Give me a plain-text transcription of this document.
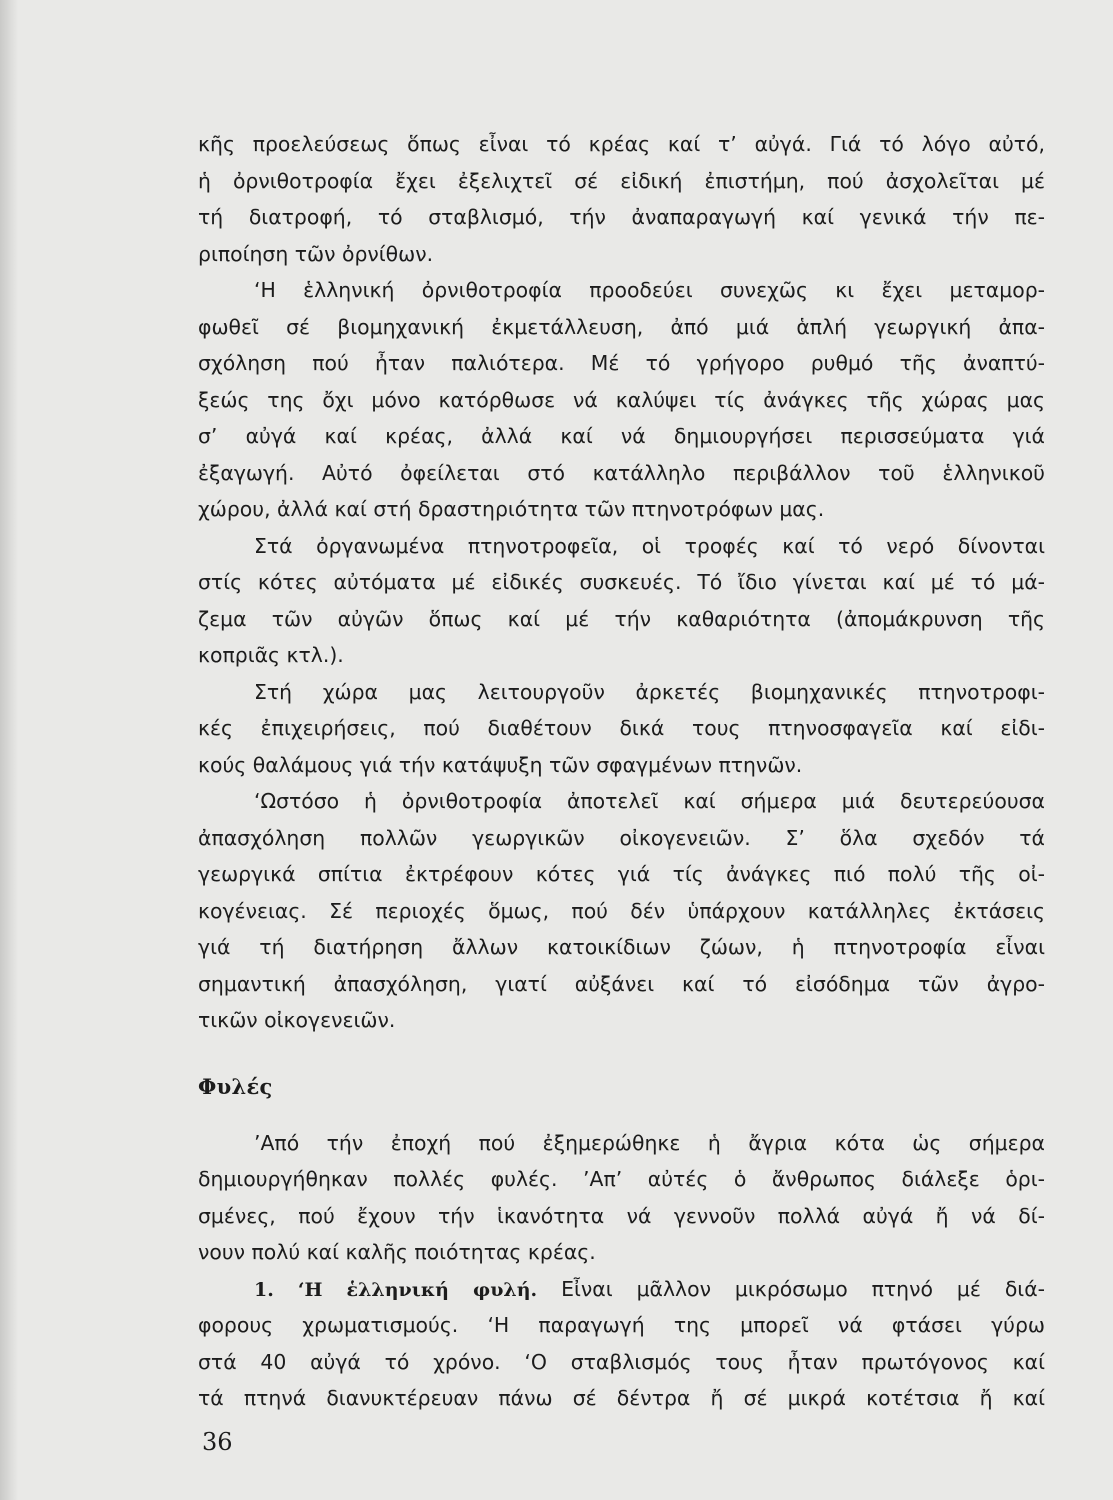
κῆς προελεύσεως ὅπως εἶναι τό κρέας καί τ’ αὐγά. Γιά τό λόγο αὐτό,
ἡ ὀρνιθοτροφία ἔχει ἐξελιχτεῖ σέ εἰδική ἐπιστήμη, πού ἀσχολεῖται μέ
τή διατροφή, τό σταβλισμό, τήν ἀναπαραγωγή καί γενικά τήν πε-
ριποίηση τῶν ὀρνίθων.
‘Η ἑλληνική ὀρνιθοτροφία προοδεύει συνεχῶς κι ἔχει μεταμορ-
φωθεῖ σέ βιομηχανική ἐκμετάλλευση, ἀπό μιά ἁπλή γεωργική ἀπα-
σχόληση πού ἦταν παλιότερα. Μέ τό γρήγορο ρυθμό τῆς ἀναπτύ-
ξεώς της ὄχι μόνο κατόρθωσε νά καλύψει τίς ἀνάγκες τῆς χώρας μας
σ’ αὐγά καί κρέας, ἀλλά καί νά δημιουργήσει περισσεύματα γιά
ἐξαγωγή. Αὐτό ὀφείλεται στό κατάλληλο περιβάλλον τοῦ ἑλληνικοῦ
χώρου, ἀλλά καί στή δραστηριότητα τῶν πτηνοτρόφων μας.
Στά ὀργανωμένα πτηνοτροφεῖα, οἱ τροφές καί τό νερό δίνονται
στίς κότες αὐτόματα μέ εἰδικές συσκευές. Τό ἴδιο γίνεται καί μέ τό μά-
ζεμα τῶν αὐγῶν ὅπως καί μέ τήν καθαριότητα (ἀπομάκρυνση τῆς
κοπριᾶς κτλ.).
Στή χώρα μας λειτουργοῦν ἀρκετές βιομηχανικές πτηνοτροφι-
κές ἐπιχειρήσεις, πού διαθέτουν δικά τους πτηνοσφαγεῖα καί εἰδι-
κούς θαλάμους γιά τήν κατάψυξη τῶν σφαγμένων πτηνῶν.
‘Ωστόσο ἡ ὀρνιθοτροφία ἀποτελεῖ καί σήμερα μιά δευτερεύουσα
ἀπασχόληση πολλῶν γεωργικῶν οἰκογενειῶν. Σ’ ὅλα σχεδόν τά
γεωργικά σπίτια ἐκτρέφουν κότες γιά τίς ἀνάγκες πιό πολύ τῆς οἰ-
κογένειας. Σέ περιοχές ὅμως, πού δέν ὑπάρχουν κατάλληλες ἐκτάσεις
γιά τή διατήρηση ἄλλων κατοικίδιων ζώων, ἡ πτηνοτροφία εἶναι
σημαντική ἀπασχόληση, γιατί αὐξάνει καί τό εἰσόδημα τῶν ἀγρο-
τικῶν οἰκογενειῶν.
Φυλές
’Από τήν ἐποχή πού ἐξημερώθηκε ἡ ἄγρια κότα ὡς σήμερα
δημιουργήθηκαν πολλές φυλές. ’Απ’ αὐτές ὁ ἄνθρωπος διάλεξε ὁρι-
σμένες, πού ἔχουν τήν ἱκανότητα νά γεννοῦν πολλά αὐγά ἤ νά δί-
νουν πολύ καί καλῆς ποιότητας κρέας.
1. ‘Η ἑλληνική φυλή. Εἶναι μᾶλλον μικρόσωμο πτηνό μέ διά-
φορους χρωματισμούς. ‘Η παραγωγή της μπορεῖ νά φτάσει γύρω
στά 40 αὐγά τό χρόνο. ‘Ο σταβλισμός τους ἦταν πρωτόγονος καί
τά πτηνά διανυκτέρευαν πάνω σέ δέντρα ἤ σέ μικρά κοτέτσια ἤ καί
36
